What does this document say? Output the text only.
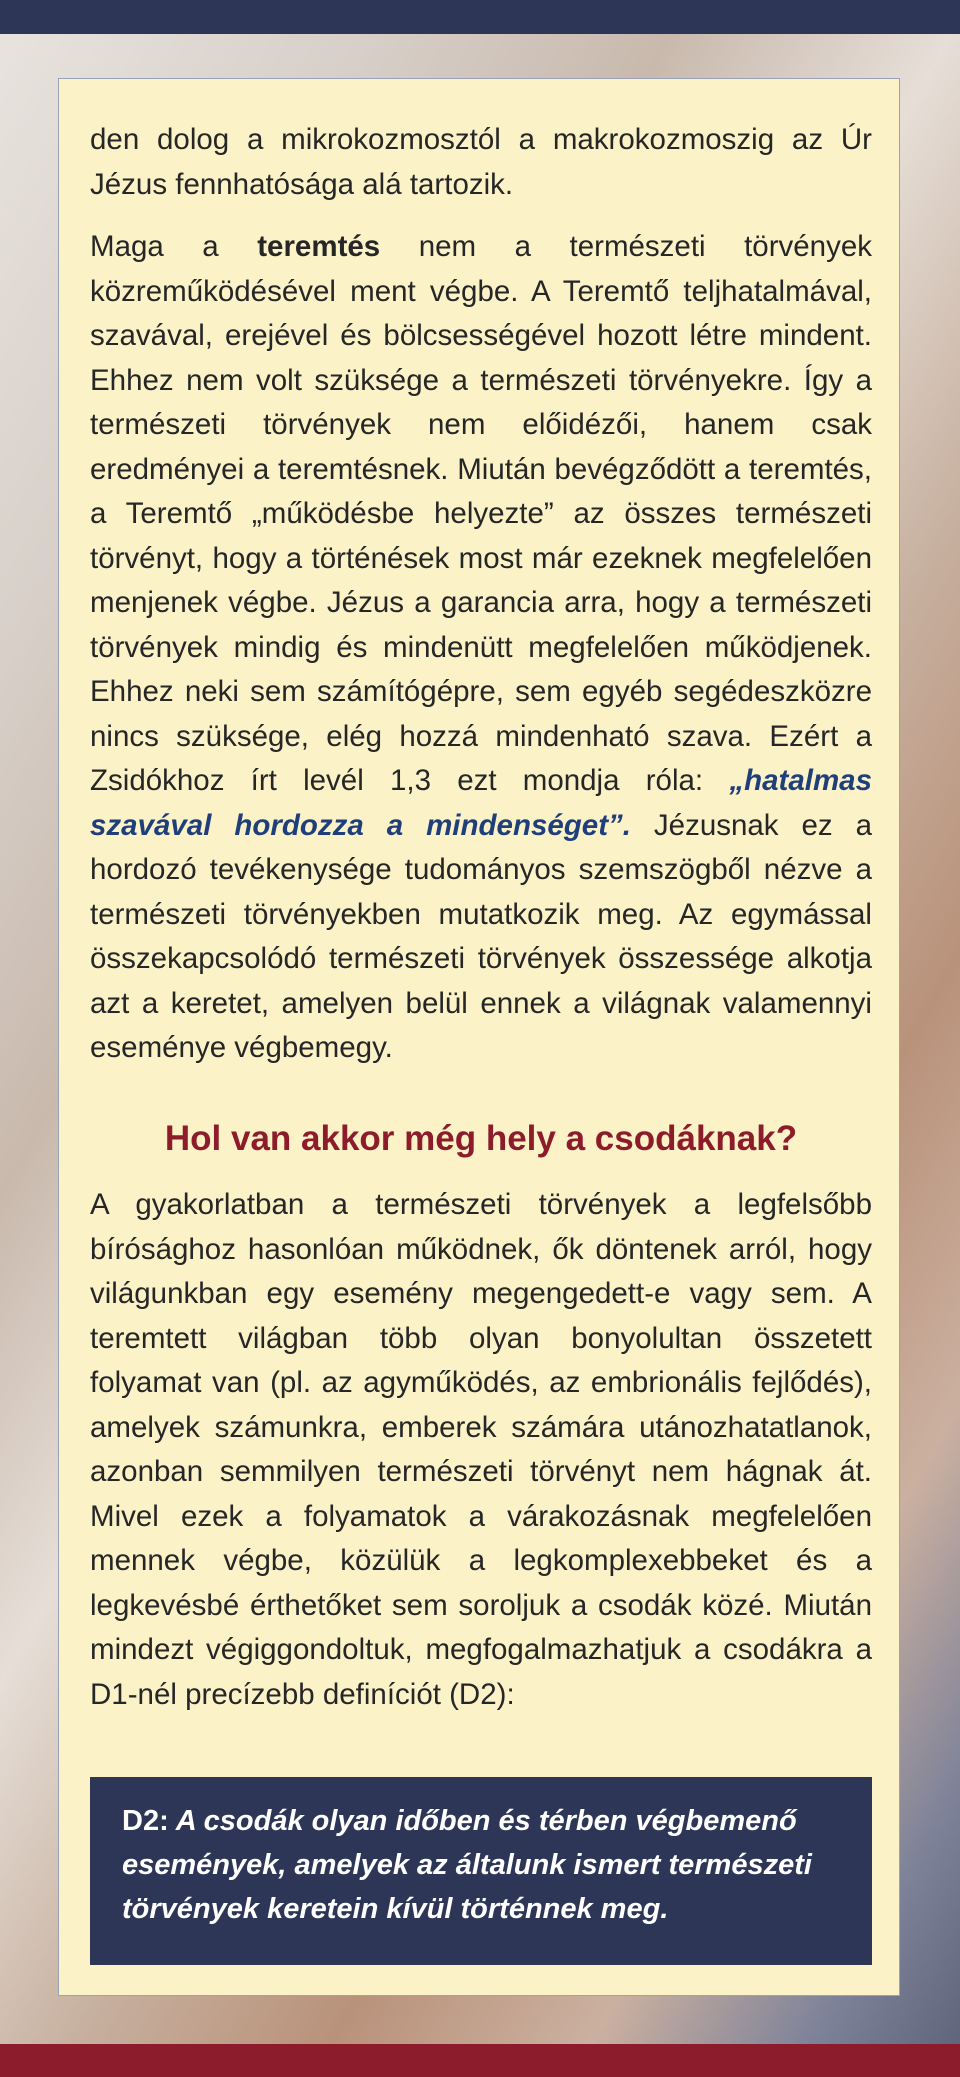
den dolog a mikrokozmosztól a makrokozmoszig az Úr Jézus fennhatósága alá tartozik.

Maga a teremtés nem a természeti törvények közreműködésével ment végbe. A Teremtő teljhatalmával, szavával, erejével és bölcsességével hozott létre mindent. Ehhez nem volt szüksége a természeti törvényekre. Így a természeti törvények nem előidézői, hanem csak eredményei a teremtésnek. Miután bevégződött a teremtés, a Teremtő „működésbe helyezte” az összes természeti törvényt, hogy a történések most már ezeknek megfelelően menjenek végbe. Jézus a garancia arra, hogy a természeti törvények mindig és mindenütt megfelelően működjenek. Ehhez neki sem számítógépre, sem egyéb segédeszközre nincs szüksége, elég hozzá mindenható szava. Ezért a Zsidókhoz írt levél 1,3 ezt mondja róla: „hatalmas szavával hordozza a mindenséget”. Jézusnak ez a hordozó tevékenysége tudományos szemszögből nézve a természeti törvényekben mutatkozik meg. Az egymással összekapcsolódó természeti törvények összessége alkotja azt a keretet, amelyen belül ennek a világnak valamennyi eseménye végbemegy.

Hol van akkor még hely a csodáknak?

A gyakorlatban a természeti törvények a legfelsőbb bírósághoz hasonlóan működnek, ők döntenek arról, hogy világunkban egy esemény megengedett-e vagy sem. A teremtett világban több olyan bonyolultan összetett folyamat van (pl. az agyműködés, az embrionális fejlődés), amelyek számunkra, emberek számára utánozhatatlanok, azonban semmilyen természeti törvényt nem hágnak át. Mivel ezek a folyamatok a várakozásnak megfelelően mennek végbe, közülük a legkomplexebbeket és a legkevésbé érthetőket sem soroljuk a csodák közé. Miután mindezt végiggondoltuk, megfogalmazhatjuk a csodákra a D1-nél precízebb definíciót (D2):

D2: A csodák olyan időben és térben végbemenő események, amelyek az általunk ismert természeti törvények keretein kívül történnek meg.
